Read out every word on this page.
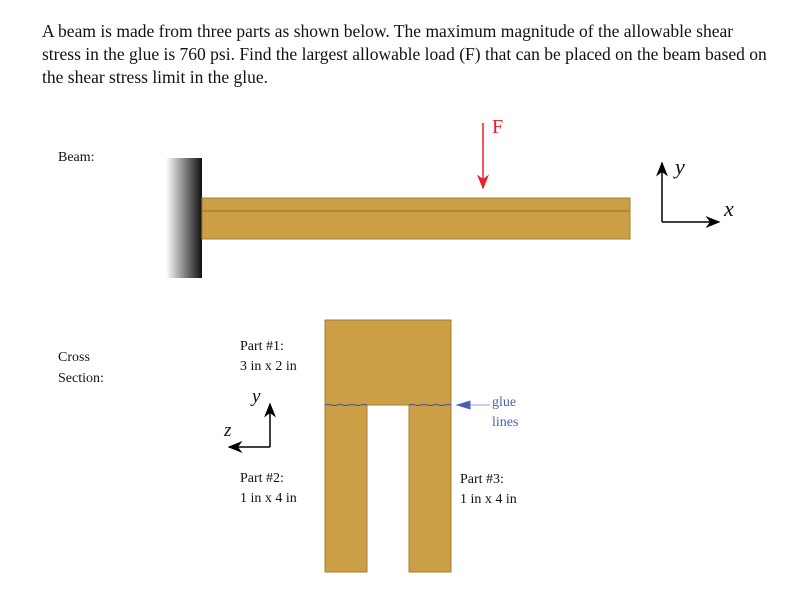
A beam is made from three parts as shown below. The maximum magnitude of the allowable shear stress in the glue is 760 psi. Find the largest allowable load (F) that can be placed on the beam based on the shear stress limit in the glue.
Beam:
F
y
x
Cross
Section:
Part #1:
3 in x 2 in
Part #2:
1 in x 4 in
Part #3:
1 in x 4 in
glue
lines
y
z
